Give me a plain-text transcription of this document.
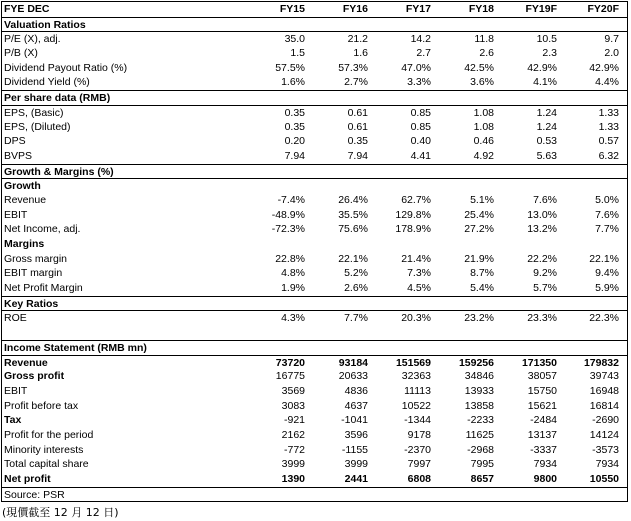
FYE DEC	FY15	FY16	FY17	FY18	FY19F	FY20F
Valuation Ratios
P/E (X), adj.	35.0	21.2	14.2	11.8	10.5	9.7
P/B (X)	1.5	1.6	2.7	2.6	2.3	2.0
Dividend Payout Ratio (%)	57.5%	57.3%	47.0%	42.5%	42.9%	42.9%
Dividend Yield (%)	1.6%	2.7%	3.3%	3.6%	4.1%	4.4%
Per share data (RMB)
EPS, (Basic)	0.35	0.61	0.85	1.08	1.24	1.33
EPS, (Diluted)	0.35	0.61	0.85	1.08	1.24	1.33
DPS	0.20	0.35	0.40	0.46	0.53	0.57
BVPS	7.94	7.94	4.41	4.92	5.63	6.32
Growth & Margins (%)
Growth
Revenue	-7.4%	26.4%	62.7%	5.1%	7.6%	5.0%
EBIT	-48.9%	35.5%	129.8%	25.4%	13.0%	7.6%
Net Income, adj.	-72.3%	75.6%	178.9%	27.2%	13.2%	7.7%
Margins
Gross margin	22.8%	22.1%	21.4%	21.9%	22.2%	22.1%
EBIT margin	4.8%	5.2%	7.3%	8.7%	9.2%	9.4%
Net Profit Margin	1.9%	2.6%	4.5%	5.4%	5.7%	5.9%
Key Ratios
ROE	4.3%	7.7%	20.3%	23.2%	23.3%	22.3%
Income Statement (RMB mn)
Revenue	73720	93184	151569	159256	171350	179832
Gross profit	16775	20633	32363	34846	38057	39743
EBIT	3569	4836	11113	13933	15750	16948
Profit before tax	3083	4637	10522	13858	15621	16814
Tax	-921	-1041	-1344	-2233	-2484	-2690
Profit for the period	2162	3596	9178	11625	13137	14124
Minority interests	-772	-1155	-2370	-2968	-3337	-3573
Total capital share	3999	3999	7997	7995	7934	7934
Net profit	1390	2441	6808	8657	9800	10550
Source: PSR
(現價截至 12 月 12 日)
